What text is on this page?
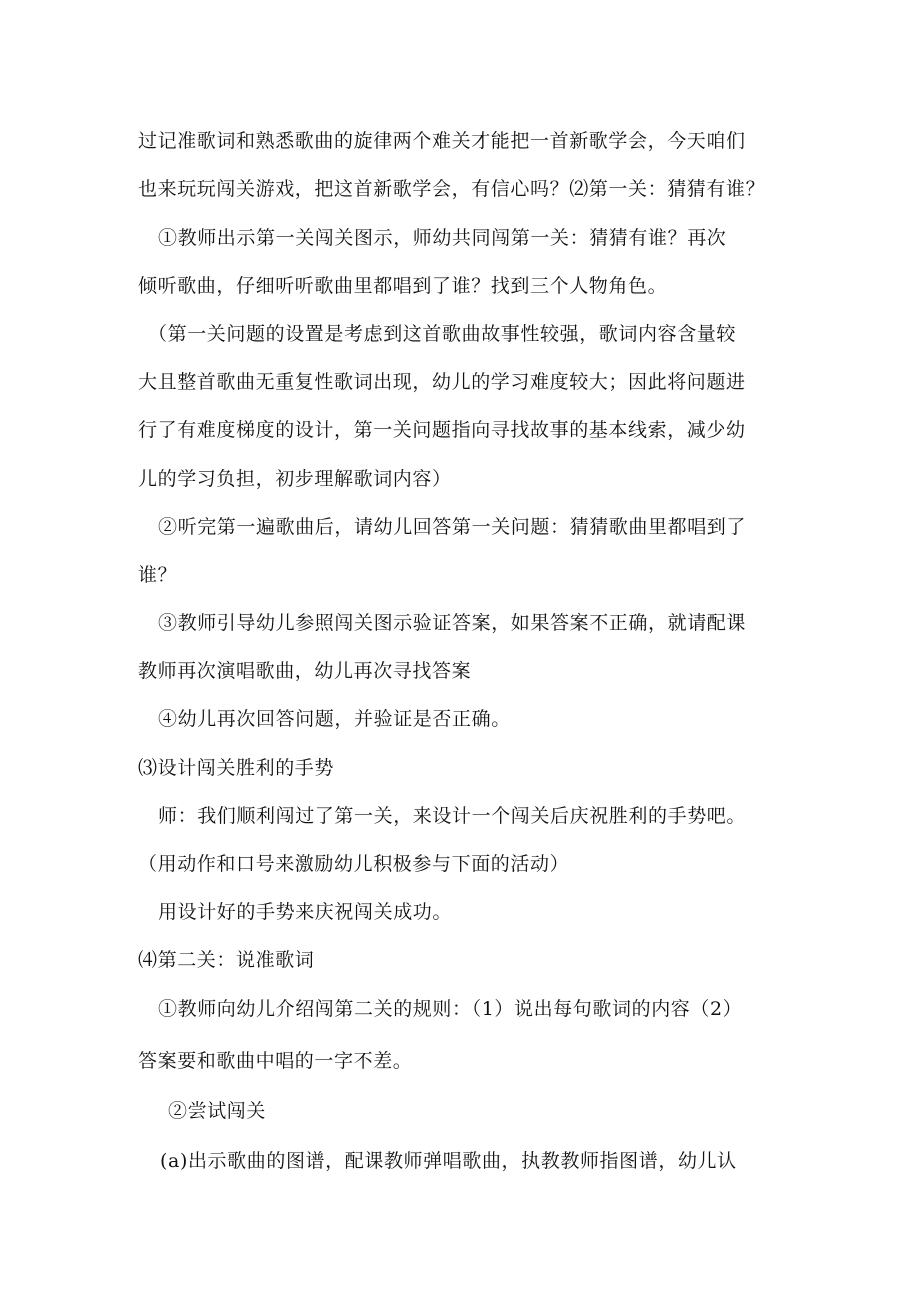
过记准歌词和熟悉歌曲的旋律两个难关才能把一首新歌学会，今天咱们
也来玩玩闯关游戏，把这首新歌学会，有信心吗？⑵第一关：猜猜有谁？
①教师出示第一关闯关图示，师幼共同闯第一关：猜猜有谁？再次
倾听歌曲，仔细听听歌曲里都唱到了谁？找到三个人物角色。
（第一关问题的设置是考虑到这首歌曲故事性较强，歌词内容含量较
大且整首歌曲无重复性歌词出现，幼儿的学习难度较大；因此将问题进
行了有难度梯度的设计，第一关问题指向寻找故事的基本线索，减少幼
儿的学习负担，初步理解歌词内容）
②听完第一遍歌曲后，请幼儿回答第一关问题：猜猜歌曲里都唱到了
谁？
③教师引导幼儿参照闯关图示验证答案，如果答案不正确，就请配课
教师再次演唱歌曲，幼儿再次寻找答案
④幼儿再次回答问题，并验证是否正确。
⑶设计闯关胜利的手势
师：我们顺利闯过了第一关，来设计一个闯关后庆祝胜利的手势吧。
（用动作和口号来激励幼儿积极参与下面的活动）
用设计好的手势来庆祝闯关成功。
⑷第二关：说准歌词
①教师向幼儿介绍闯第二关的规则：（1）说出每句歌词的内容（2）
答案要和歌曲中唱的一字不差。
②尝试闯关
(a)出示歌曲的图谱，配课教师弹唱歌曲，执教教师指图谱，幼儿认
